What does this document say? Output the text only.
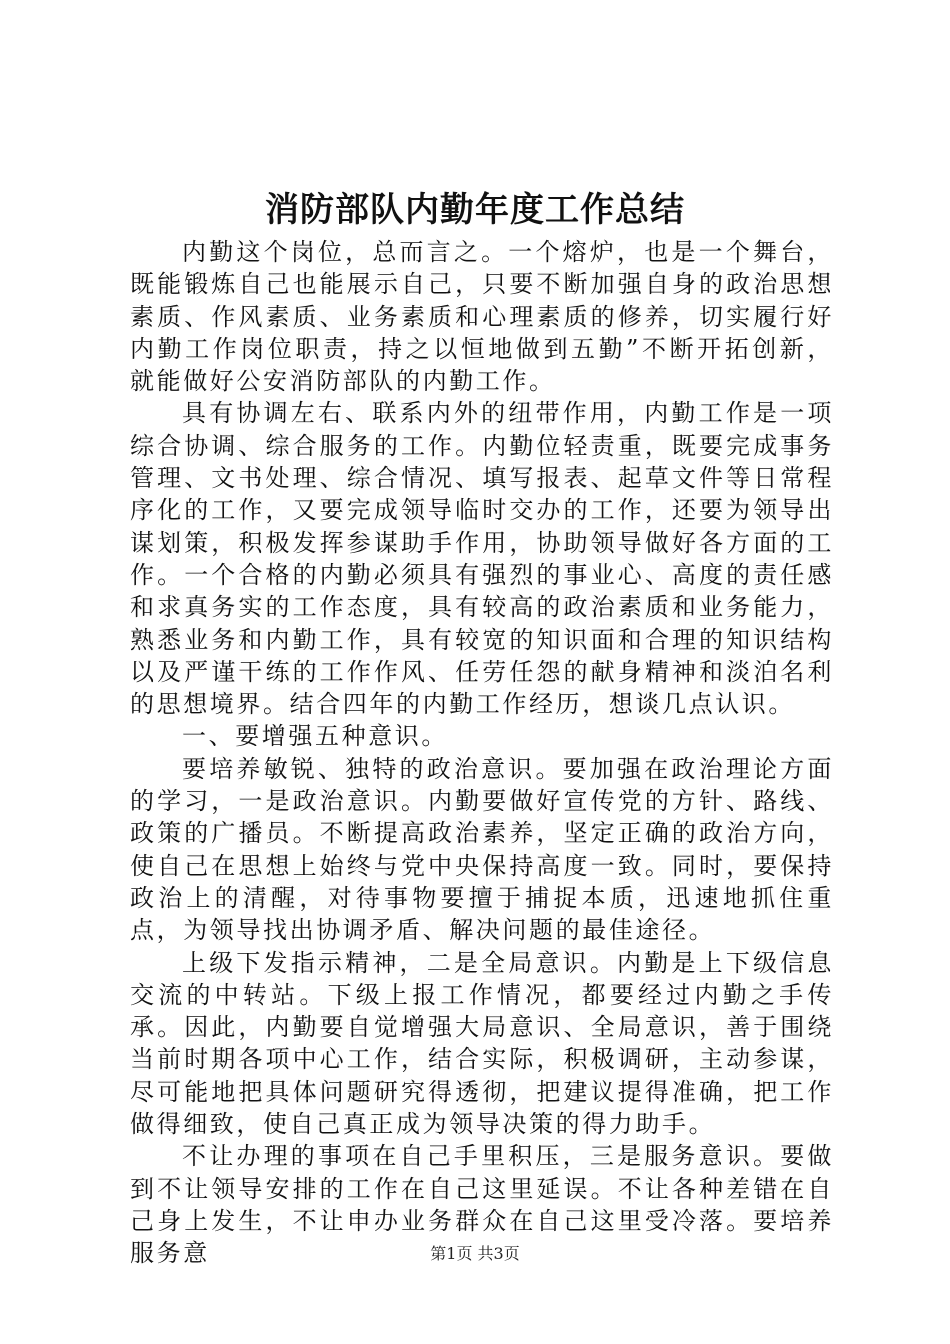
消防部队内勤年度工作总结

内勤这个岗位，总而言之。一个熔炉，也是一个舞台，既能锻炼自己也能展示自己，只要不断加强自身的政治思想素质、作风素质、业务素质和心理素质的修养，切实履行好内勤工作岗位职责，持之以恒地做到五勤”不断开拓创新，就能做好公安消防部队的内勤工作。

具有协调左右、联系内外的纽带作用，内勤工作是一项综合协调、综合服务的工作。内勤位轻责重，既要完成事务管理、文书处理、综合情况、填写报表、起草文件等日常程序化的工作，又要完成领导临时交办的工作，还要为领导出谋划策，积极发挥参谋助手作用，协助领导做好各方面的工作。一个合格的内勤必须具有强烈的事业心、高度的责任感和求真务实的工作态度，具有较高的政治素质和业务能力，熟悉业务和内勤工作，具有较宽的知识面和合理的知识结构以及严谨干练的工作作风、任劳任怨的献身精神和淡泊名利的思想境界。结合四年的内勤工作经历，想谈几点认识。

一、要增强五种意识。

要培养敏锐、独特的政治意识。要加强在政治理论方面的学习，一是政治意识。内勤要做好宣传党的方针、路线、政策的广播员。不断提高政治素养，坚定正确的政治方向，使自己在思想上始终与党中央保持高度一致。同时，要保持政治上的清醒，对待事物要擅于捕捉本质，迅速地抓住重点，为领导找出协调矛盾、解决问题的最佳途径。

上级下发指示精神，二是全局意识。内勤是上下级信息交流的中转站。下级上报工作情况，都要经过内勤之手传承。因此，内勤要自觉增强大局意识、全局意识，善于围绕当前时期各项中心工作，结合实际，积极调研，主动参谋，尽可能地把具体问题研究得透彻，把建议提得准确，把工作做得细致，使自己真正成为领导决策的得力助手。

不让办理的事项在自己手里积压，三是服务意识。要做到不让领导安排的工作在自己这里延误。不让各种差错在自己身上发生，不让申办业务群众在自己这里受冷落。要培养服务意	第1页 共3页
